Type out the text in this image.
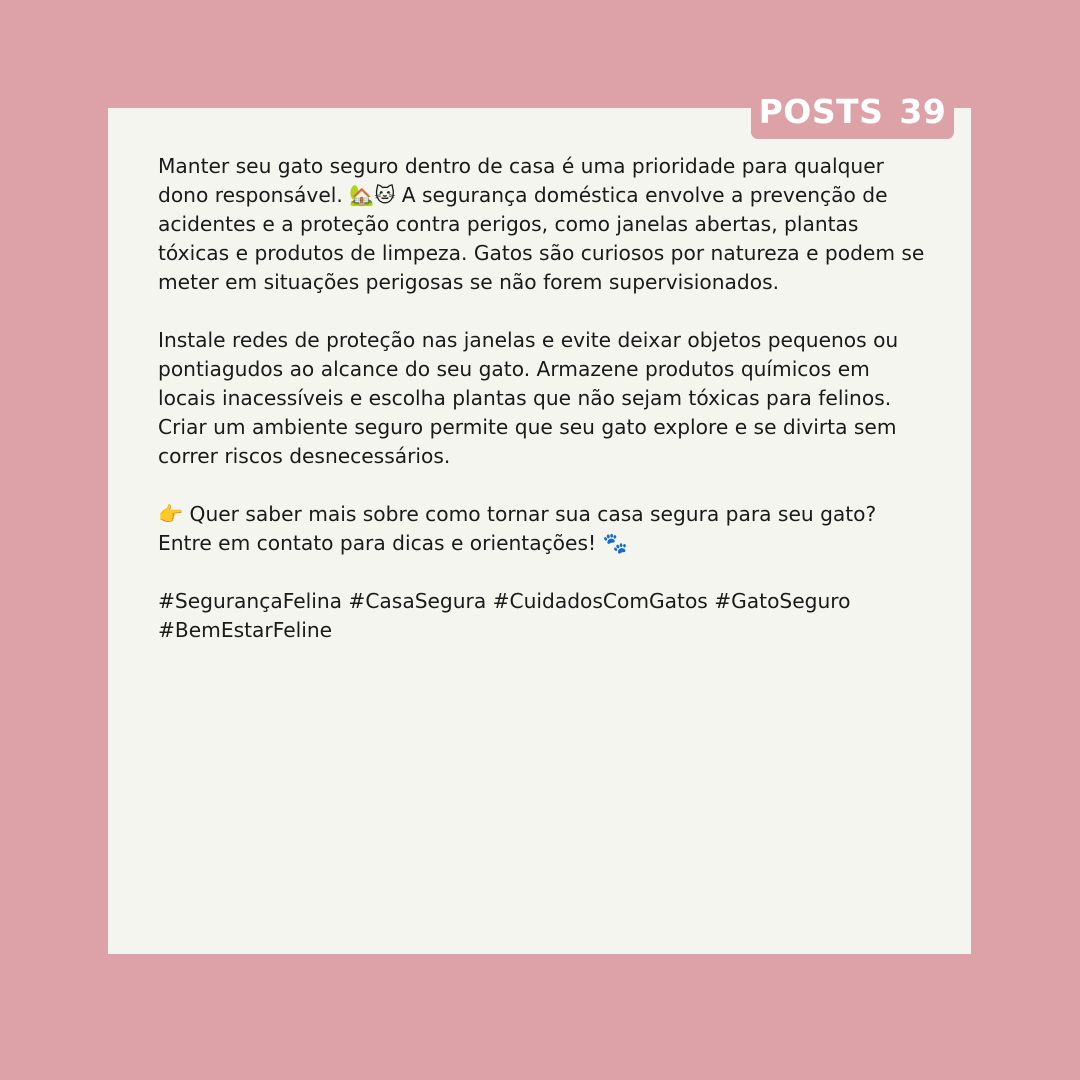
POSTS 39

Manter seu gato seguro dentro de casa é uma prioridade para qualquer dono responsável. 🏡🐱 A segurança doméstica envolve a prevenção de acidentes e a proteção contra perigos, como janelas abertas, plantas tóxicas e produtos de limpeza. Gatos são curiosos por natureza e podem se meter em situações perigosas se não forem supervisionados.

Instale redes de proteção nas janelas e evite deixar objetos pequenos ou pontiagudos ao alcance do seu gato. Armazene produtos químicos em locais inacessíveis e escolha plantas que não sejam tóxicas para felinos. Criar um ambiente seguro permite que seu gato explore e se divirta sem correr riscos desnecessários.

👉 Quer saber mais sobre como tornar sua casa segura para seu gato? Entre em contato para dicas e orientações! 🐾

#SegurançaFelina #CasaSegura #CuidadosComGatos #GatoSeguro #BemEstarFeline
